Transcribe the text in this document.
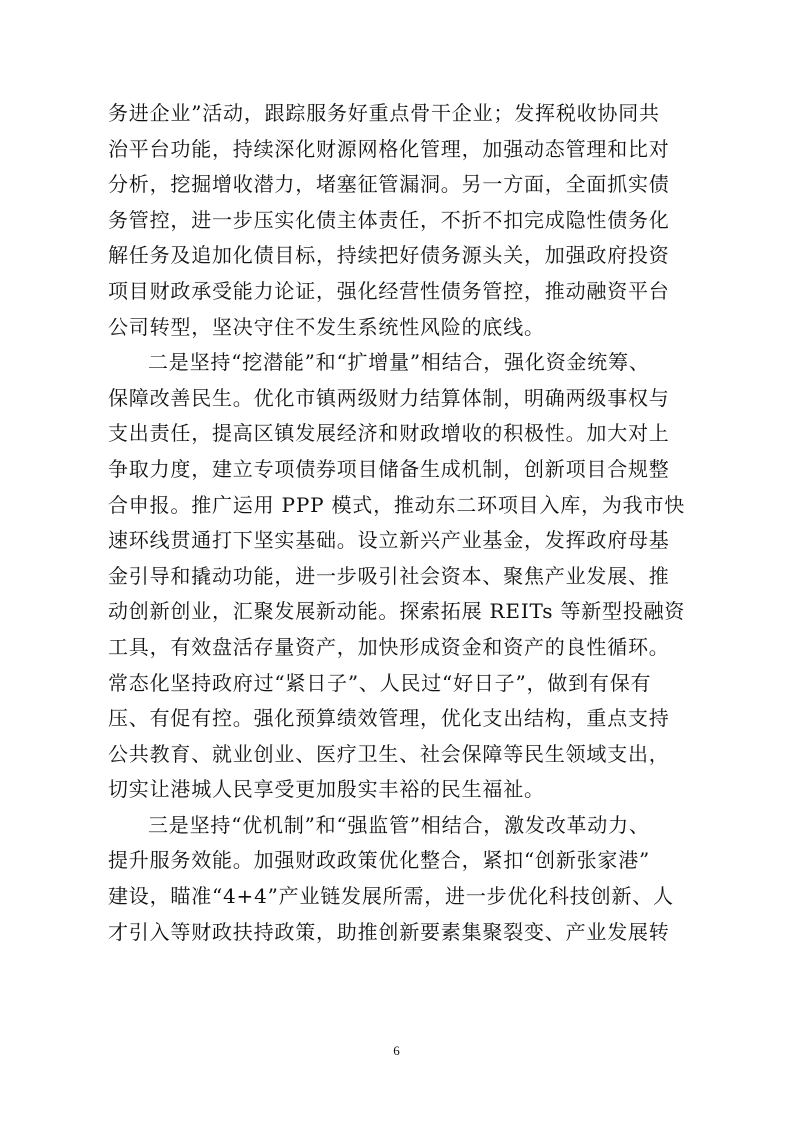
务进企业”活动，跟踪服务好重点骨干企业；发挥税收协同共
治平台功能，持续深化财源网格化管理，加强动态管理和比对
分析，挖掘增收潜力，堵塞征管漏洞。另一方面，全面抓实债
务管控，进一步压实化债主体责任，不折不扣完成隐性债务化
解任务及追加化债目标，持续把好债务源头关，加强政府投资
项目财政承受能力论证，强化经营性债务管控，推动融资平台
公司转型，坚决守住不发生系统性风险的底线。
二是坚持“挖潜能”和“扩增量”相结合，强化资金统筹、
保障改善民生。优化市镇两级财力结算体制，明确两级事权与
支出责任，提高区镇发展经济和财政增收的积极性。加大对上
争取力度，建立专项债券项目储备生成机制，创新项目合规整
合申报。推广运用 PPP 模式，推动东二环项目入库，为我市快
速环线贯通打下坚实基础。设立新兴产业基金，发挥政府母基
金引导和撬动功能，进一步吸引社会资本、聚焦产业发展、推
动创新创业，汇聚发展新动能。探索拓展 REITs 等新型投融资
工具，有效盘活存量资产，加快形成资金和资产的良性循环。
常态化坚持政府过“紧日子”、人民过“好日子”，做到有保有
压、有促有控。强化预算绩效管理，优化支出结构，重点支持
公共教育、就业创业、医疗卫生、社会保障等民生领域支出，
切实让港城人民享受更加殷实丰裕的民生福祉。
三是坚持“优机制”和“强监管”相结合，激发改革动力、
提升服务效能。加强财政政策优化整合，紧扣“创新张家港”
建设，瞄准“4+4”产业链发展所需，进一步优化科技创新、人
才引入等财政扶持政策，助推创新要素集聚裂变、产业发展转
6
